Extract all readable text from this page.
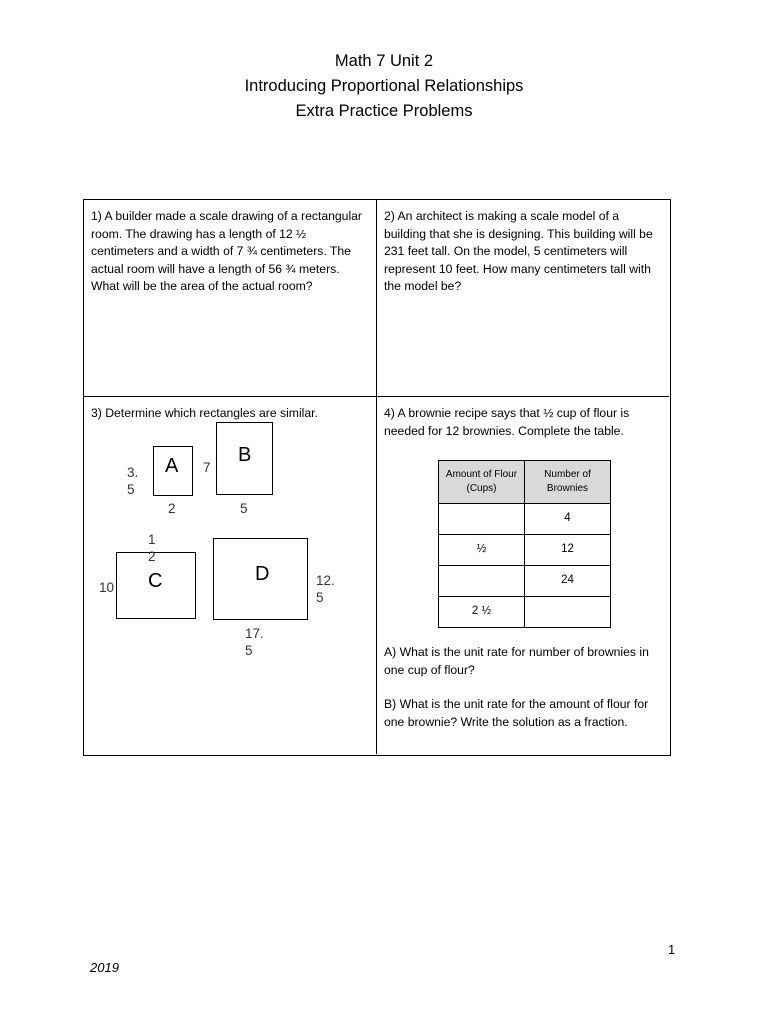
Math 7 Unit 2
Introducing Proportional Relationships
Extra Practice Problems
1) A builder made a scale drawing of a rectangular room. The drawing has a length of 12 ½ centimeters and a width of 7 ¾ centimeters. The actual room will have a length of 56 ¾ meters. What will be the area of the actual room?
2) An architect is making a scale model of a building that she is designing. This building will be 231 feet tall. On the model, 5 centimeters will represent 10 feet. How many centimeters tall with the model be?
3) Determine which rectangles are similar.
A
3.
5
2
B
7
5
C
10
1
2
D	12.
5
17.
5
4) A brownie recipe says that ½ cup of flour is needed for 12 brownies. Complete the table.
Amount of Flour (Cups)	Number of Brownies
	4
½	12
	24
2 ½	
A) What is the unit rate for number of brownies in one cup of flour?
B) What is the unit rate for the amount of flour for one brownie? Write the solution as a fraction.
1
2019
